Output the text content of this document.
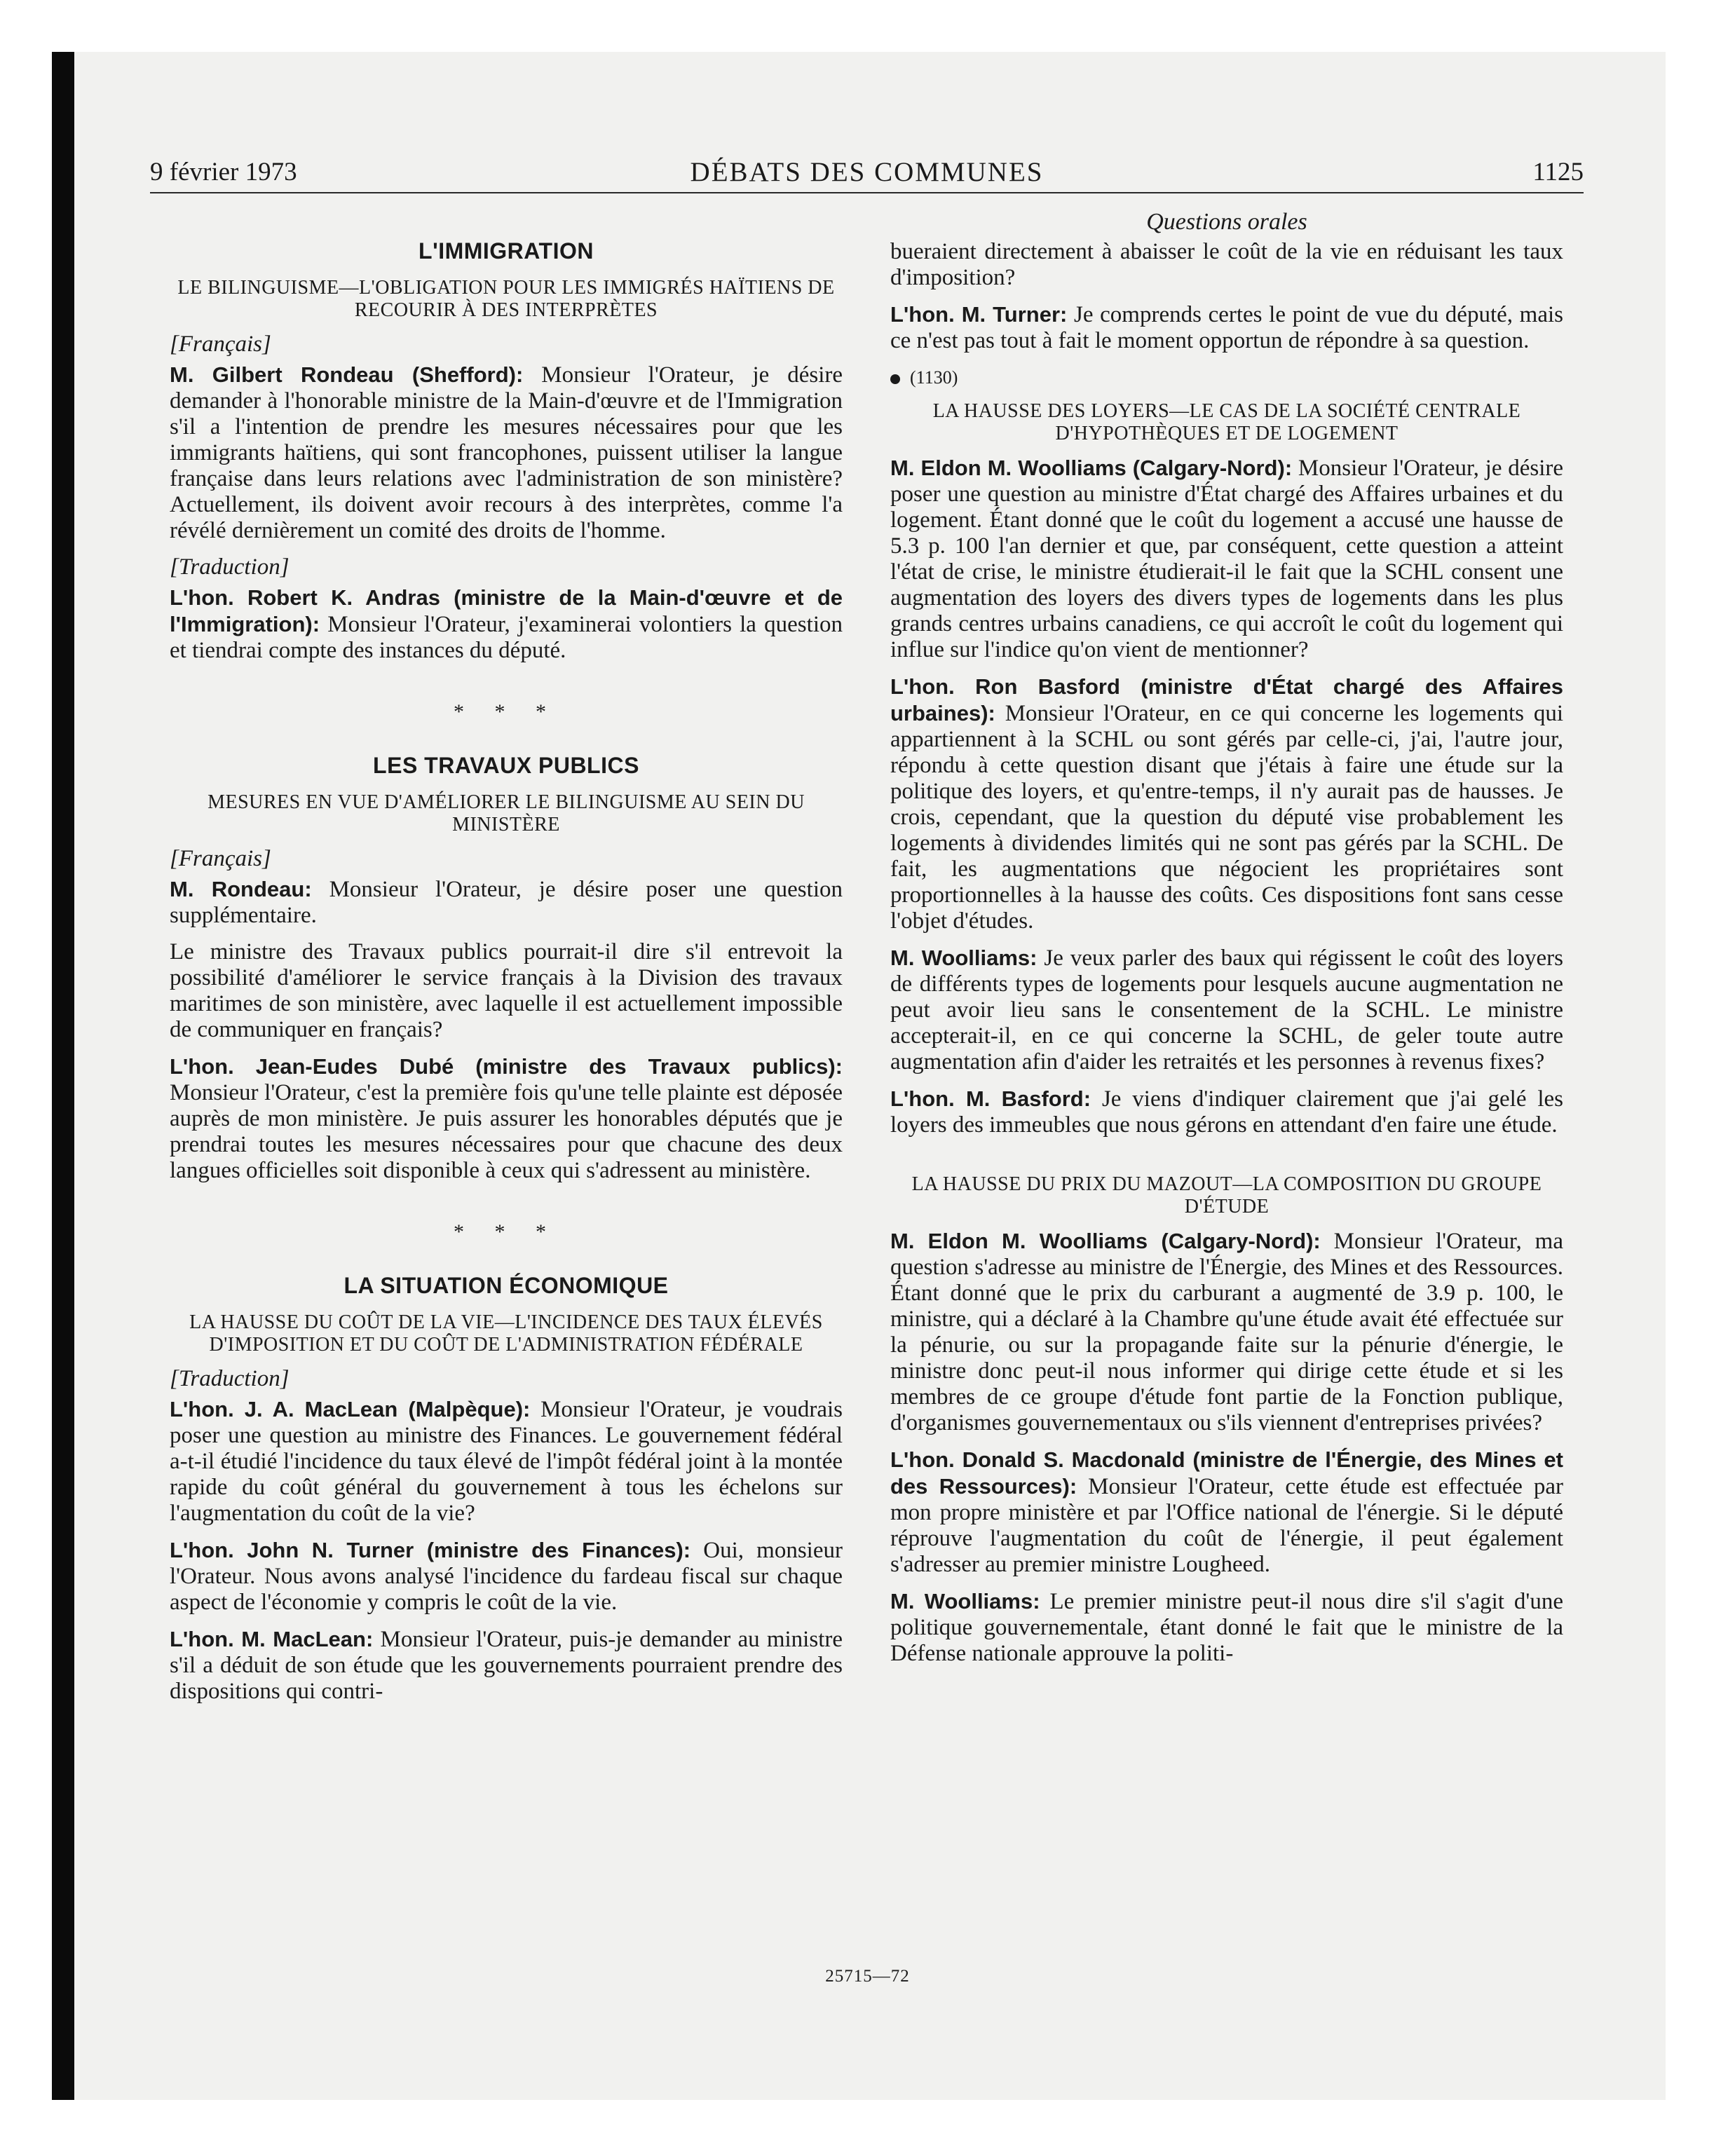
9 février 1973	DÉBATS DES COMMUNES	1125
L'IMMIGRATION
LE BILINGUISME—L'OBLIGATION POUR LES IMMIGRÉS HAÏTIENS DE RECOURIR À DES INTERPRÈTES
[Français]

M. Gilbert Rondeau (Shefford): Monsieur l'Orateur, je désire demander à l'honorable ministre de la Main-d'œuvre et de l'Immigration s'il a l'intention de prendre les mesures nécessaires pour que les immigrants haïtiens, qui sont francophones, puissent utiliser la langue française dans leurs relations avec l'administration de son ministère? Actuellement, ils doivent avoir recours à des interprètes, comme l'a révélé dernièrement un comité des droits de l'homme.

[Traduction]

L'hon. Robert K. Andras (ministre de la Main-d'œuvre et de l'Immigration): Monsieur l'Orateur, j'examinerai volontiers la question et tiendrai compte des instances du député.

* * *
LES TRAVAUX PUBLICS
MESURES EN VUE D'AMÉLIORER LE BILINGUISME AU SEIN DU MINISTÈRE
[Français]

M. Rondeau: Monsieur l'Orateur, je désire poser une question supplémentaire.

Le ministre des Travaux publics pourrait-il dire s'il entrevoit la possibilité d'améliorer le service français à la Division des travaux maritimes de son ministère, avec laquelle il est actuellement impossible de communiquer en français?

L'hon. Jean-Eudes Dubé (ministre des Travaux publics): Monsieur l'Orateur, c'est la première fois qu'une telle plainte est déposée auprès de mon ministère. Je puis assurer les honorables députés que je prendrai toutes les mesures nécessaires pour que chacune des deux langues officielles soit disponible à ceux qui s'adressent au ministère.

* * *
LA SITUATION ÉCONOMIQUE
LA HAUSSE DU COÛT DE LA VIE—L'INCIDENCE DES TAUX ÉLEVÉS D'IMPOSITION ET DU COÛT DE L'ADMINISTRATION FÉDÉRALE
[Traduction]

L'hon. J. A. MacLean (Malpèque): Monsieur l'Orateur, je voudrais poser une question au ministre des Finances. Le gouvernement fédéral a-t-il étudié l'incidence du taux élevé de l'impôt fédéral joint à la montée rapide du coût général du gouvernement à tous les échelons sur l'augmentation du coût de la vie?

L'hon. John N. Turner (ministre des Finances): Oui, monsieur l'Orateur. Nous avons analysé l'incidence du fardeau fiscal sur chaque aspect de l'économie y compris le coût de la vie.

L'hon. M. MacLean: Monsieur l'Orateur, puis-je demander au ministre s'il a déduit de son étude que les gouvernements pourraient prendre des dispositions qui contri-

Questions orales

bueraient directement à abaisser le coût de la vie en réduisant les taux d'imposition?

L'hon. M. Turner: Je comprends certes le point de vue du député, mais ce n'est pas tout à fait le moment opportun de répondre à sa question.

(1130)
LA HAUSSE DES LOYERS—LE CAS DE LA SOCIÉTÉ CENTRALE D'HYPOTHÈQUES ET DE LOGEMENT

M. Eldon M. Woolliams (Calgary-Nord): Monsieur l'Orateur, je désire poser une question au ministre d'État chargé des Affaires urbaines et du logement. Étant donné que le coût du logement a accusé une hausse de 5.3 p. 100 l'an dernier et que, par conséquent, cette question a atteint l'état de crise, le ministre étudierait-il le fait que la SCHL consent une augmentation des loyers des divers types de logements dans les plus grands centres urbains canadiens, ce qui accroît le coût du logement qui influe sur l'indice qu'on vient de mentionner?

L'hon. Ron Basford (ministre d'État chargé des Affaires urbaines): Monsieur l'Orateur, en ce qui concerne les logements qui appartiennent à la SCHL ou sont gérés par celle-ci, j'ai, l'autre jour, répondu à cette question disant que j'étais à faire une étude sur la politique des loyers, et qu'entre-temps, il n'y aurait pas de hausses. Je crois, cependant, que la question du député vise probablement les logements à dividendes limités qui ne sont pas gérés par la SCHL. De fait, les augmentations que négocient les propriétaires sont proportionnelles à la hausse des coûts. Ces dispositions font sans cesse l'objet d'études.

M. Woolliams: Je veux parler des baux qui régissent le coût des loyers de différents types de logements pour lesquels aucune augmentation ne peut avoir lieu sans le consentement de la SCHL. Le ministre accepterait-il, en ce qui concerne la SCHL, de geler toute autre augmentation afin d'aider les retraités et les personnes à revenus fixes?

L'hon. M. Basford: Je viens d'indiquer clairement que j'ai gelé les loyers des immeubles que nous gérons en attendant d'en faire une étude.

LA HAUSSE DU PRIX DU MAZOUT—LA COMPOSITION DU GROUPE D'ÉTUDE

M. Eldon M. Woolliams (Calgary-Nord): Monsieur l'Orateur, ma question s'adresse au ministre de l'Énergie, des Mines et des Ressources. Étant donné que le prix du carburant a augmenté de 3.9 p. 100, le ministre, qui a déclaré à la Chambre qu'une étude avait été effectuée sur la pénurie, ou sur la propagande faite sur la pénurie d'énergie, le ministre donc peut-il nous informer qui dirige cette étude et si les membres de ce groupe d'étude font partie de la Fonction publique, d'organismes gouvernementaux ou s'ils viennent d'entreprises privées?

L'hon. Donald S. Macdonald (ministre de l'Énergie, des Mines et des Ressources): Monsieur l'Orateur, cette étude est effectuée par mon propre ministère et par l'Office national de l'énergie. Si le député réprouve l'augmentation du coût de l'énergie, il peut également s'adresser au premier ministre Lougheed.

M. Woolliams: Le premier ministre peut-il nous dire s'il s'agit d'une politique gouvernementale, étant donné le fait que le ministre de la Défense nationale approuve la politi-

25715—72
